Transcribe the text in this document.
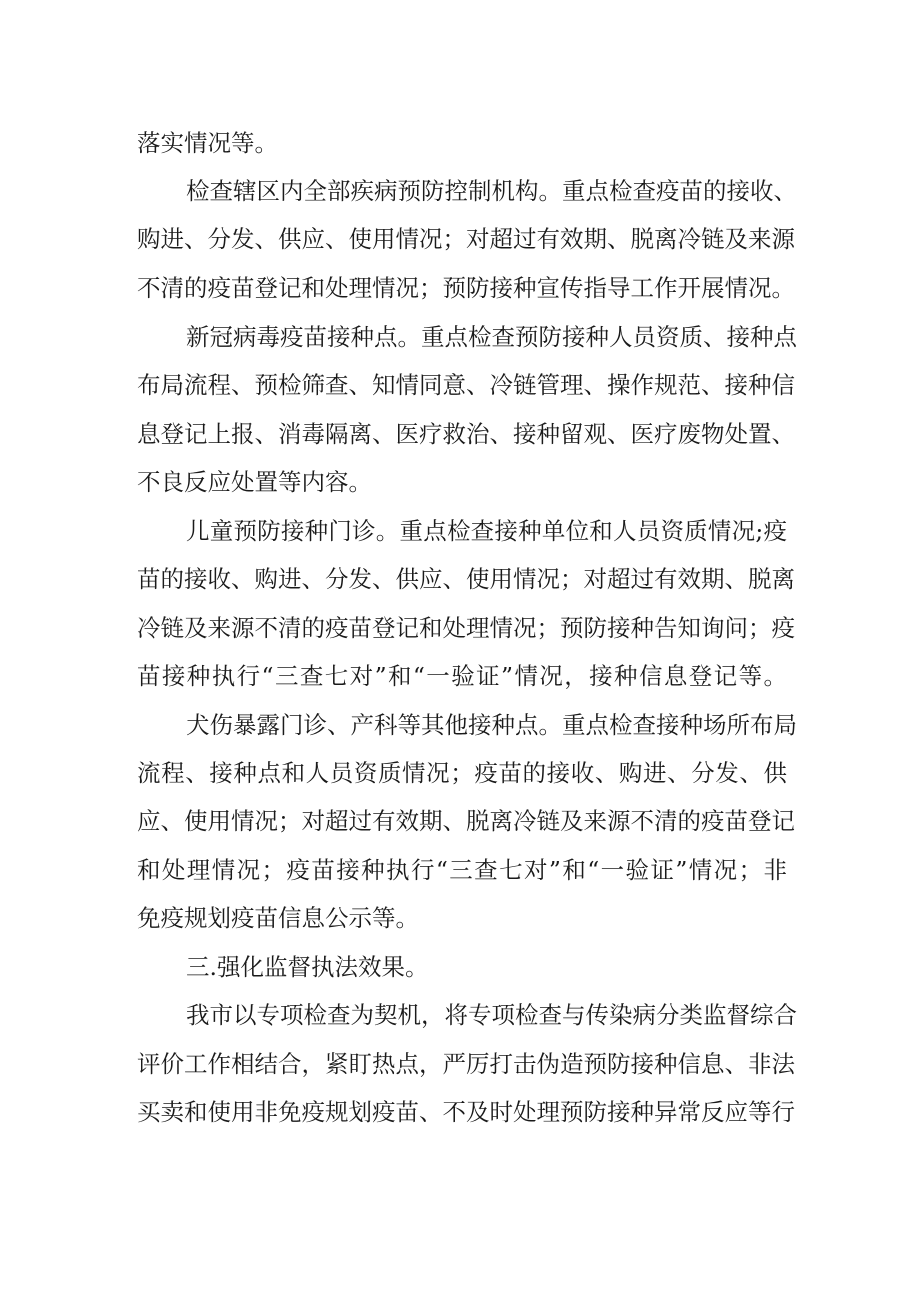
落实情况等。
检查辖区内全部疾病预防控制机构。重点检查疫苗的接收、
购进、分发、供应、使用情况；对超过有效期、脱离冷链及来源
不清的疫苗登记和处理情况；预防接种宣传指导工作开展情况。
新冠病毒疫苗接种点。重点检查预防接种人员资质、接种点
布局流程、预检筛查、知情同意、冷链管理、操作规范、接种信
息登记上报、消毒隔离、医疗救治、接种留观、医疗废物处置、
不良反应处置等内容。
儿童预防接种门诊。重点检查接种单位和人员资质情况;疫
苗的接收、购进、分发、供应、使用情况；对超过有效期、脱离
冷链及来源不清的疫苗登记和处理情况；预防接种告知询问；疫
苗接种执行“三查七对”和“一验证”情况，接种信息登记等。
犬伤暴露门诊、产科等其他接种点。重点检查接种场所布局
流程、接种点和人员资质情况；疫苗的接收、购进、分发、供
应、使用情况；对超过有效期、脱离冷链及来源不清的疫苗登记
和处理情况；疫苗接种执行“三查七对”和“一验证”情况；非
免疫规划疫苗信息公示等。
三.强化监督执法效果。
我市以专项检查为契机，将专项检查与传染病分类监督综合
评价工作相结合，紧盯热点，严厉打击伪造预防接种信息、非法
买卖和使用非免疫规划疫苗、不及时处理预防接种异常反应等行
